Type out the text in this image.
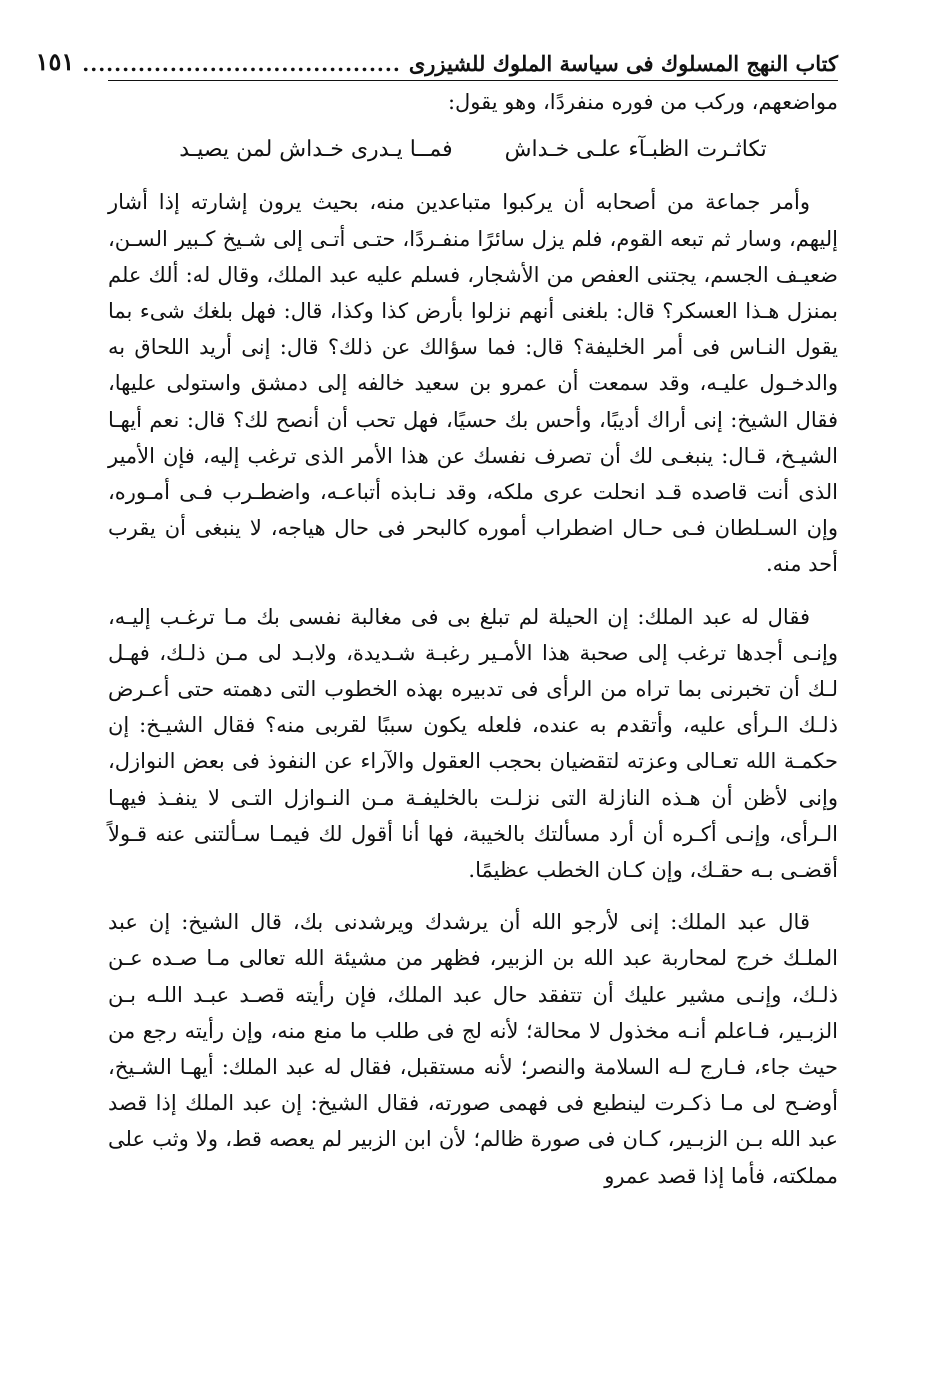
كتاب النهج المسلوك فى سياسة الملوك للشيزرى
........................................
١٥١

مواضعهم، وركب من فوره منفردًا، وهو يقول:

تكاثـرت الظبـآء علـى خـداش
فمــا يـدرى خـداش لمن يصيـد

وأمر جماعة من أصحابه أن يركبوا متباعدين منه، بحيث يرون إشارته إذا أشار إليهم، وسار ثم تبعه القوم، فلم يزل سائرًا منفـردًا، حتـى أتـى إلى شـيخ كـبير السـن، ضعيـف الجسم، يجتنى العفص من الأشجار، فسلم عليه عبد الملك، وقال له: ألك علم بمنزل هـذا العسكر؟ قال: بلغنى أنهم نزلوا بأرض كذا وكذا، قال: فهل بلغك شىء بما يقول النـاس فى أمر الخليفة؟ قال: فما سؤالك عن ذلك؟ قال: إنى أريد اللحاق به والدخـول عليـه، وقد سمعت أن عمرو بن سعيد خالفه إلى دمشق واستولى عليها، فقال الشيخ: إنى أراك أديبًا، وأحس بك حسيًا، فهل تحب أن أنصح لك؟ قال: نعم أيهـا الشيـخ، قـال: ينبغـى لك أن تصرف نفسك عن هذا الأمر الذى ترغب إليه، فإن الأمير الذى أنت قاصده قـد انحلت عرى ملكه، وقد نـابذه أتباعـه، واضطـرب فـى أمـوره، وإن السـلطان فـى حـال اضطراب أموره كالبحر فى حال هياجه، لا ينبغى أن يقرب أحد منه.

فقال له عبد الملك: إن الحيلة لم تبلغ بى فى مغالبة نفسى بك مـا ترغـب إليـه، وإنـى أجدها ترغب إلى صحبة هذا الأمـير رغبـة شـديدة، ولابـد لى مـن ذلـك، فهـل لـك أن تخبرنى بما تراه من الرأى فى تدبيره بهذه الخطوب التى دهمته حتى أعـرض ذلـك الـرأى عليه، وأتقدم به عنده، فلعله يكون سببًا لقربى منه؟ فقال الشيـخ: إن حكمـة الله تعـالى وعزته لتقضيان بحجب العقول والآراء عن النفوذ فى بعض النوازل، وإنى لأظن أن هـذه النازلة التى نزلـت بالخليفـة مـن النـوازل التـى لا ينفـذ فيهـا الـرأى، وإنـى أكـره أن أرد مسألتك بالخيبة، فها أنا أقول لك فيمـا سـألتنى عنه قـولاً أقضـى بـه حقـك، وإن كـان الخطب عظيمًا.

قال عبد الملك: إنى لأرجو الله أن يرشدك ويرشدنى بك، قال الشيخ: إن عبد الملـك خرج لمحاربة عبد الله بن الزبير، فظهر من مشيئة الله تعالى مـا صـده عـن ذلـك، وإنـى مشير عليك أن تتفقد حال عبد الملك، فإن رأيته قصـد عبـد اللـه بـن الزبـير، فـاعلم أنـه مخذول لا محالة؛ لأنه لج فى طلب ما منع منه، وإن رأيته رجع من حيث جاء، فـارج لـه السلامة والنصر؛ لأنه مستقبل، فقال له عبد الملك: أيهـا الشـيخ، أوضـح لى مـا ذكـرت لينطبع فى فهمى صورته، فقال الشيخ: إن عبد الملك إذا قصد عبد الله بـن الزبـير، كـان فى صورة ظالم؛ لأن ابن الزبير لم يعصه قط، ولا وثب على مملكته، فأما إذا قصد عمرو
